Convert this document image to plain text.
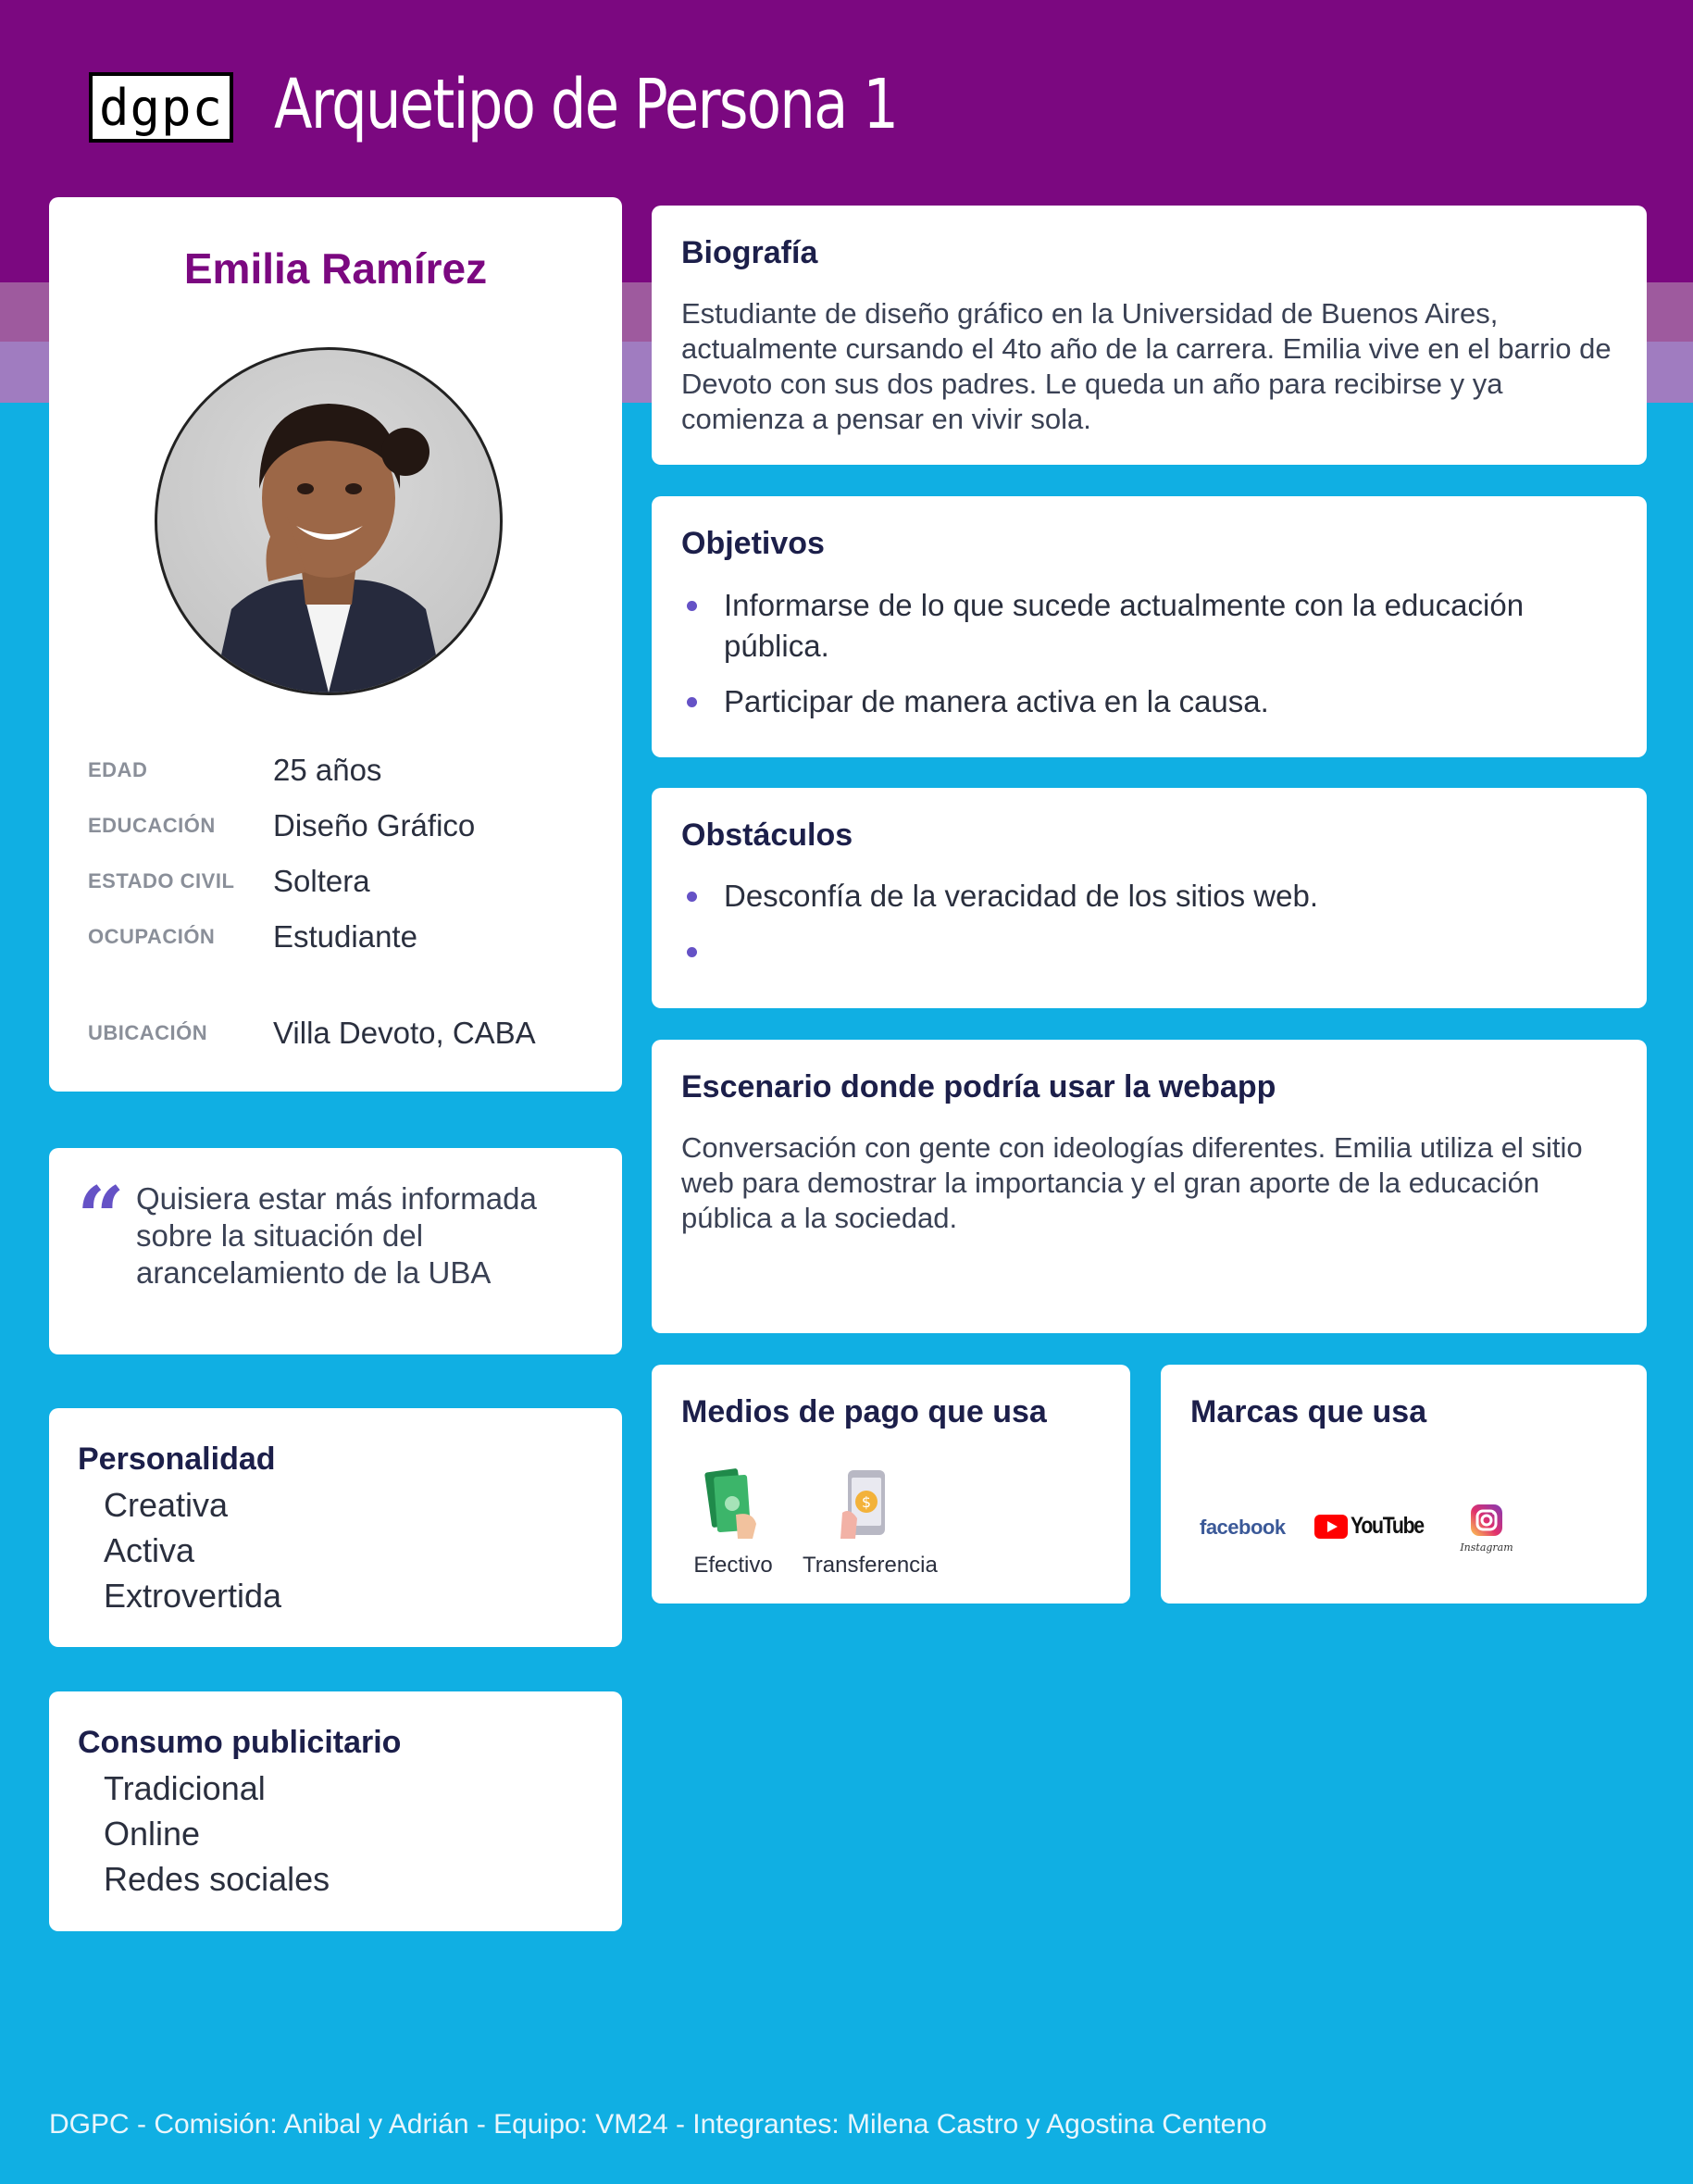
dgpc Arquetipo de Persona 1
Emilia Ramírez
EDAD	25 años
EDUCACIÓN	Diseño Gráfico
ESTADO CIVIL	Soltera
OCUPACIÓN	Estudiante
UBICACIÓN	Villa Devoto, CABA
“ Quisiera estar más informada sobre la situación del arancelamiento de la UBA
Personalidad
Creativa
Activa
Extrovertida
Consumo publicitario
Tradicional
Online
Redes sociales
Biografía
Estudiante de diseño gráfico en la Universidad de Buenos Aires, actualmente cursando el 4to año de la carrera. Emilia vive en el barrio de Devoto con sus dos padres. Le queda un año para recibirse y ya comienza a pensar en vivir sola.
Objetivos
Informarse de lo que sucede actualmente con la educación pública.
Participar de manera activa en la causa.
Obstáculos
Desconfía de la veracidad de los sitios web.
Escenario donde podría usar la webapp
Conversación con gente con ideologías diferentes. Emilia utiliza el sitio web para demostrar la importancia y el gran aporte de la educación pública a la sociedad.
Medios de pago que usa
Efectivo
$
Transferencia
Marcas que usa
facebook	YouTube
Instagram
DGPC - Comisión: Anibal y Adrián - Equipo: VM24 - Integrantes: Milena Castro y Agostina Centeno
